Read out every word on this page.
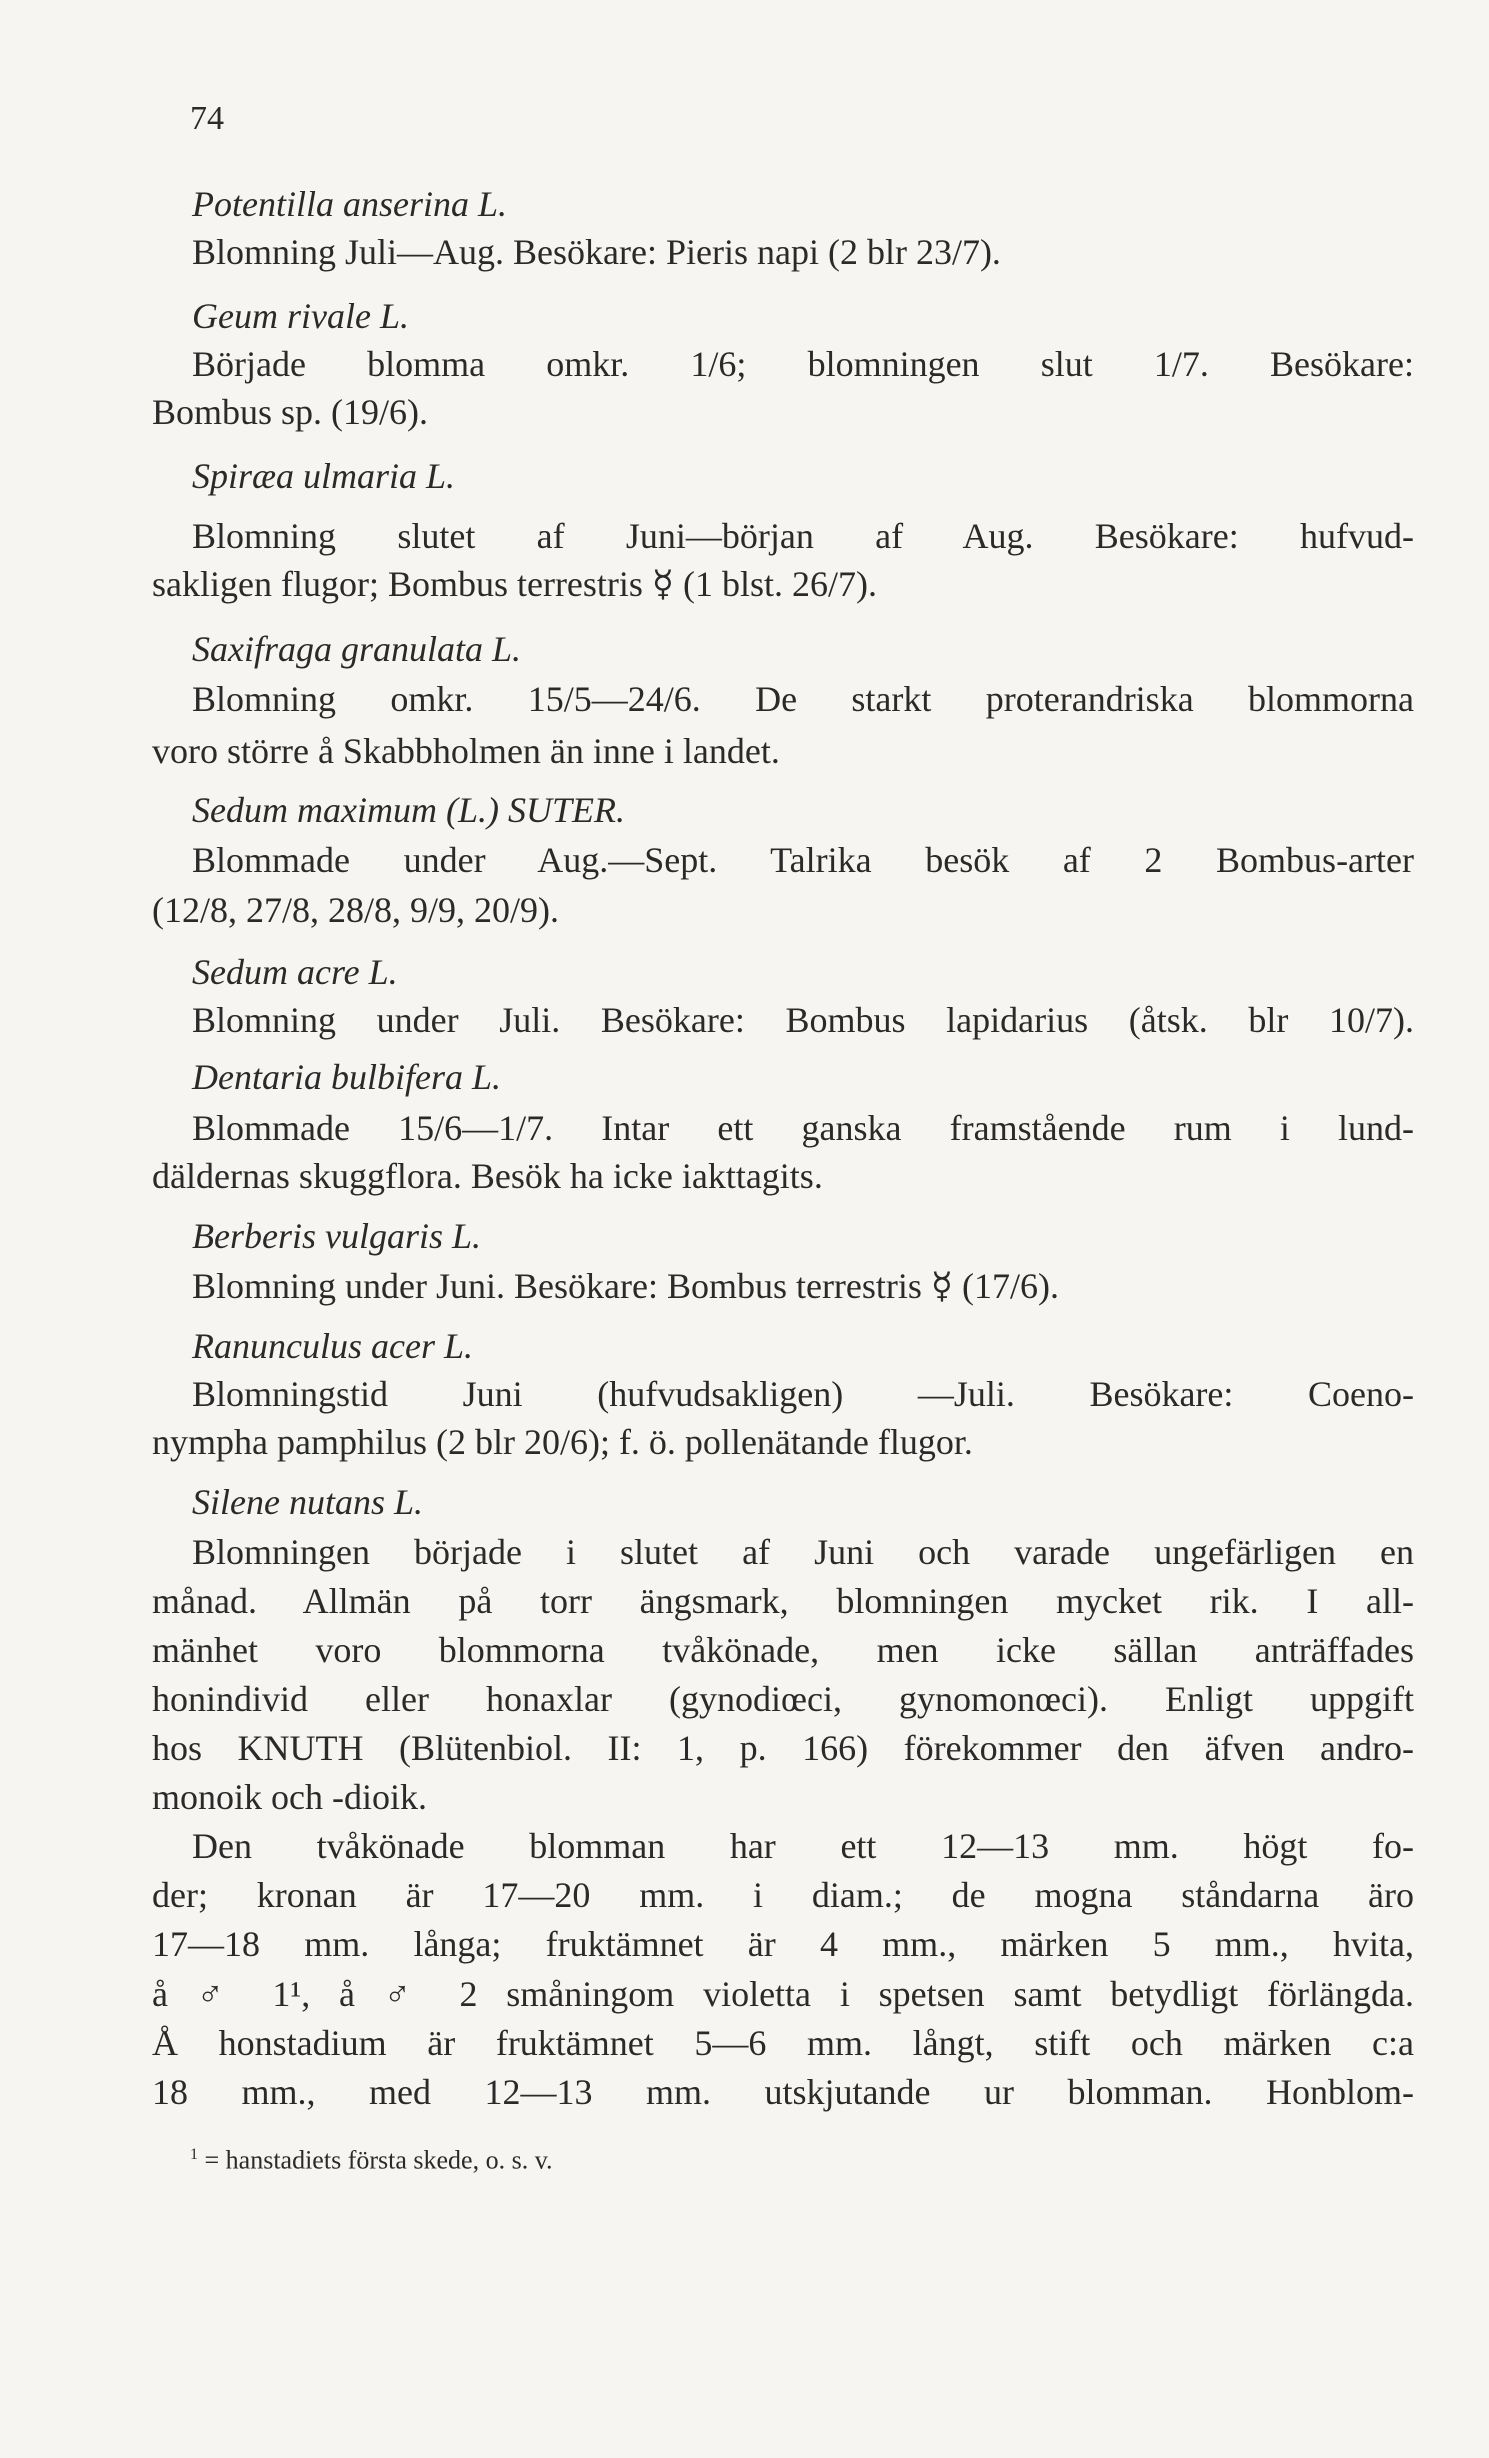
74
Potentilla anserina L.
Blomning Juli—Aug. Besökare: Pieris napi (2 blr 23/7).
Geum rivale L.
Började blomma omkr. 1/6; blomningen slut 1/7. Besökare:
Bombus sp. (19/6).
Spiræa ulmaria L.
Blomning slutet af Juni—början af Aug. Besökare: hufvud-
sakligen flugor; Bombus terrestris ☿ (1 blst. 26/7).
Saxifraga granulata L.
Blomning omkr. 15/5—24/6. De starkt proterandriska blommorna
voro större å Skabbholmen än inne i landet.
Sedum maximum (L.) SUTER.
Blommade under Aug.—Sept. Talrika besök af 2 Bombus-arter
(12/8, 27/8, 28/8, 9/9, 20/9).
Sedum acre L.
Blomning under Juli. Besökare: Bombus lapidarius (åtsk. blr 10/7).
Dentaria bulbifera L.
Blommade 15/6—1/7. Intar ett ganska framstående rum i lund-
däldernas skuggflora. Besök ha icke iakttagits.
Berberis vulgaris L.
Blomning under Juni. Besökare: Bombus terrestris ☿ (17/6).
Ranunculus acer L.
Blomningstid Juni (hufvudsakligen) —Juli. Besökare: Coeno-
nympha pamphilus (2 blr 20/6); f. ö. pollenätande flugor.
Silene nutans L.
Blomningen började i slutet af Juni och varade ungefärligen en
månad. Allmän på torr ängsmark, blomningen mycket rik. I all-
mänhet voro blommorna tvåkönade, men icke sällan anträffades
honindivid eller honaxlar (gynodiœci, gynomonœci). Enligt uppgift
hos KNUTH (Blütenbiol. II: 1, p. 166) förekommer den äfven andro-
monoik och -dioik.
Den tvåkönade blomman har ett 12—13 mm. högt fo-
der; kronan är 17—20 mm. i diam.; de mogna ståndarna äro
17—18 mm. långa; fruktämnet är 4 mm., märken 5 mm., hvita,
å ♂ 1¹, å ♂ 2 småningom violetta i spetsen samt betydligt förlängda.
Å honstadium är fruktämnet 5—6 mm. långt, stift och märken c:a
18 mm., med 12—13 mm. utskjutande ur blomman. Honblom-
$^1$ = hanstadiets första skede, o. s. v.
